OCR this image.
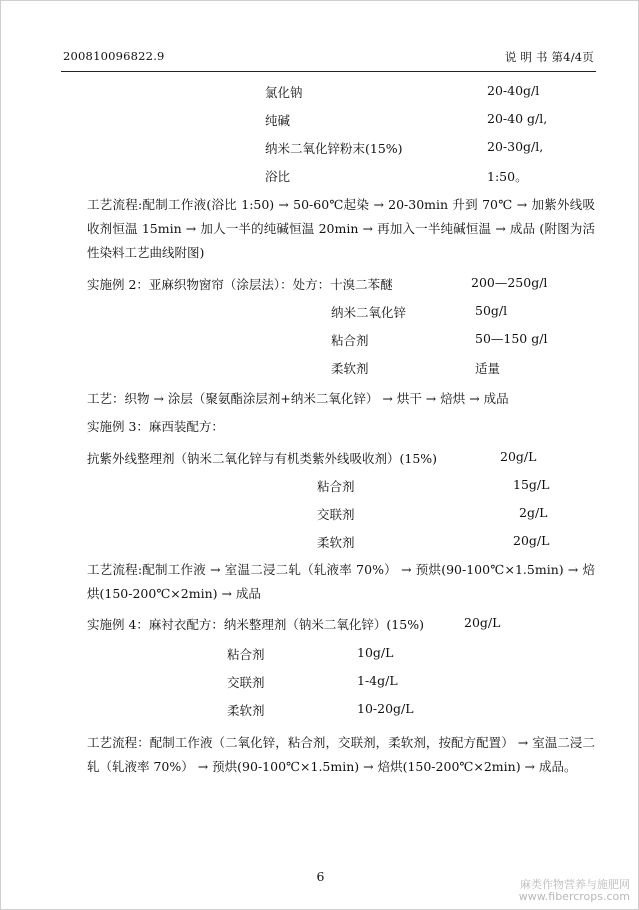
200810096822.9	说 明 书 第4/4页
氯化钠	20-40g/l
纯碱	20-40 g/l,
纳米二氧化锌粉末(15%)	20-30g/l,
浴比	1:50。
工艺流程:配制工作液(浴比 1:50) → 50-60℃起染 → 20-30min 升到 70℃ → 加紫外线吸收剂恒温 15min → 加人一半的纯碱恒温 20min → 再加入一半纯碱恒温 → 成品 (附图为活性染料工艺曲线附图)
实施例 2：亚麻织物窗帘（涂层法）：处方：十溴二苯醚	200—250g/l
纳米二氧化锌	50g/l
粘合剂	50—150 g/l
柔软剂	适量
工艺：织物 → 涂层（聚氨酯涂层剂+纳米二氧化锌） → 烘干 → 焙烘 → 成品
实施例 3：麻西装配方：
抗紫外线整理剂（钠米二氧化锌与有机类紫外线吸收剂）(15%)	20g/L
粘合剂	15g/L
交联剂	2g/L
柔软剂	20g/L
工艺流程:配制工作液 → 室温二浸二轧（轧液率 70%） → 预烘(90-100℃×1.5min) → 焙烘(150-200℃×2min) → 成品
实施例 4：麻衬衣配方：纳米整理剂（钠米二氧化锌）(15%)	20g/L
粘合剂	10g/L
交联剂	1-4g/L
柔软剂	10-20g/L
工艺流程：配制工作液（二氧化锌，粘合剂，交联剂，柔软剂，按配方配置） → 室温二浸二轧（轧液率 70%） → 预烘(90-100℃×1.5min) → 焙烘(150-200℃×2min) → 成品。
6
麻类作物营养与施肥网
www.fibercrops.com
